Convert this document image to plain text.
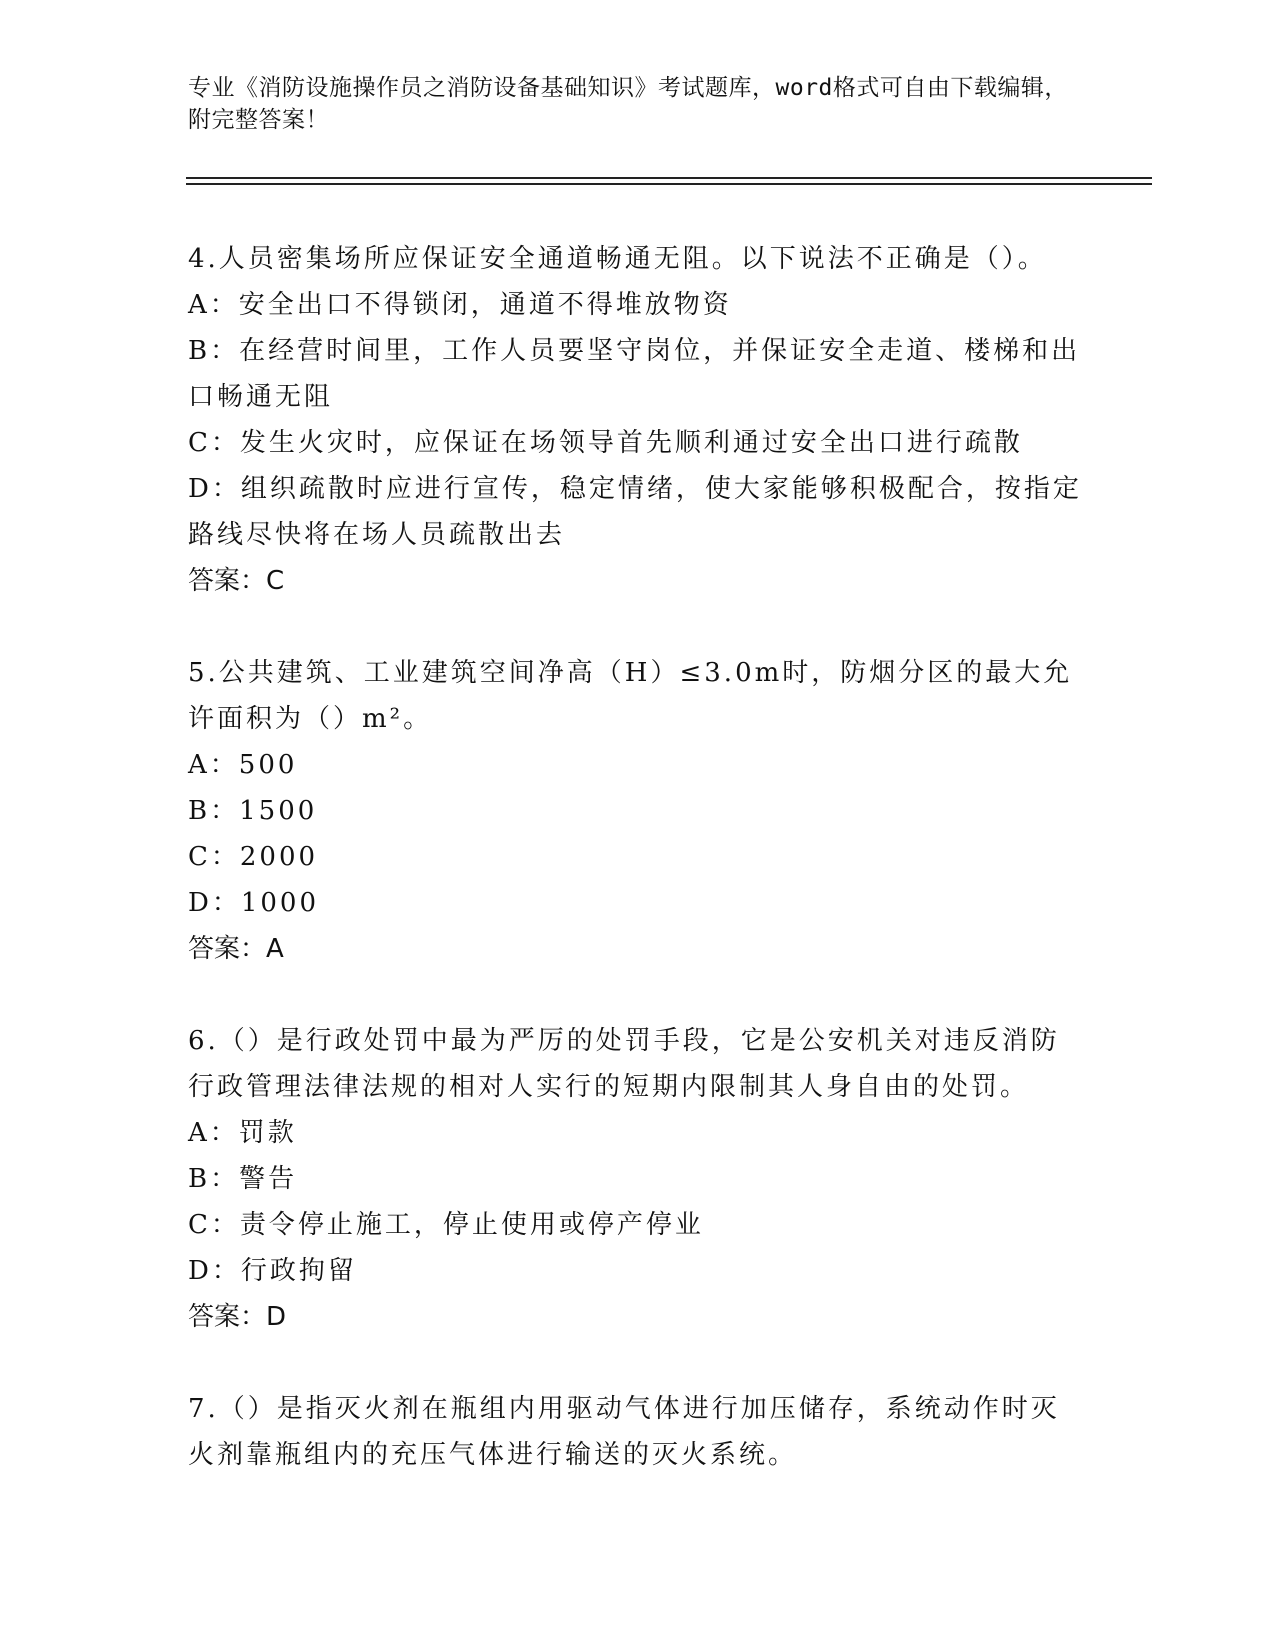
专业《消防设施操作员之消防设备基础知识》考试题库，word格式可自由下载编辑，附完整答案！
4.人员密集场所应保证安全通道畅通无阻。以下说法不正确是（）。
A：安全出口不得锁闭，通道不得堆放物资
B：在经营时间里，工作人员要坚守岗位，并保证安全走道、楼梯和出口畅通无阻
C：发生火灾时，应保证在场领导首先顺利通过安全出口进行疏散
D：组织疏散时应进行宣传，稳定情绪，使大家能够积极配合，按指定路线尽快将在场人员疏散出去
答案：C
5.公共建筑、工业建筑空间净高（H）≤3.0m时，防烟分区的最大允许面积为（）m²。
A：500
B：1500
C：2000
D：1000
答案：A
6.（）是行政处罚中最为严厉的处罚手段，它是公安机关对违反消防行政管理法律法规的相对人实行的短期内限制其人身自由的处罚。
A：罚款
B：警告
C：责令停止施工，停止使用或停产停业
D：行政拘留
答案：D
7.（）是指灭火剂在瓶组内用驱动气体进行加压储存，系统动作时灭火剂靠瓶组内的充压气体进行输送的灭火系统。
